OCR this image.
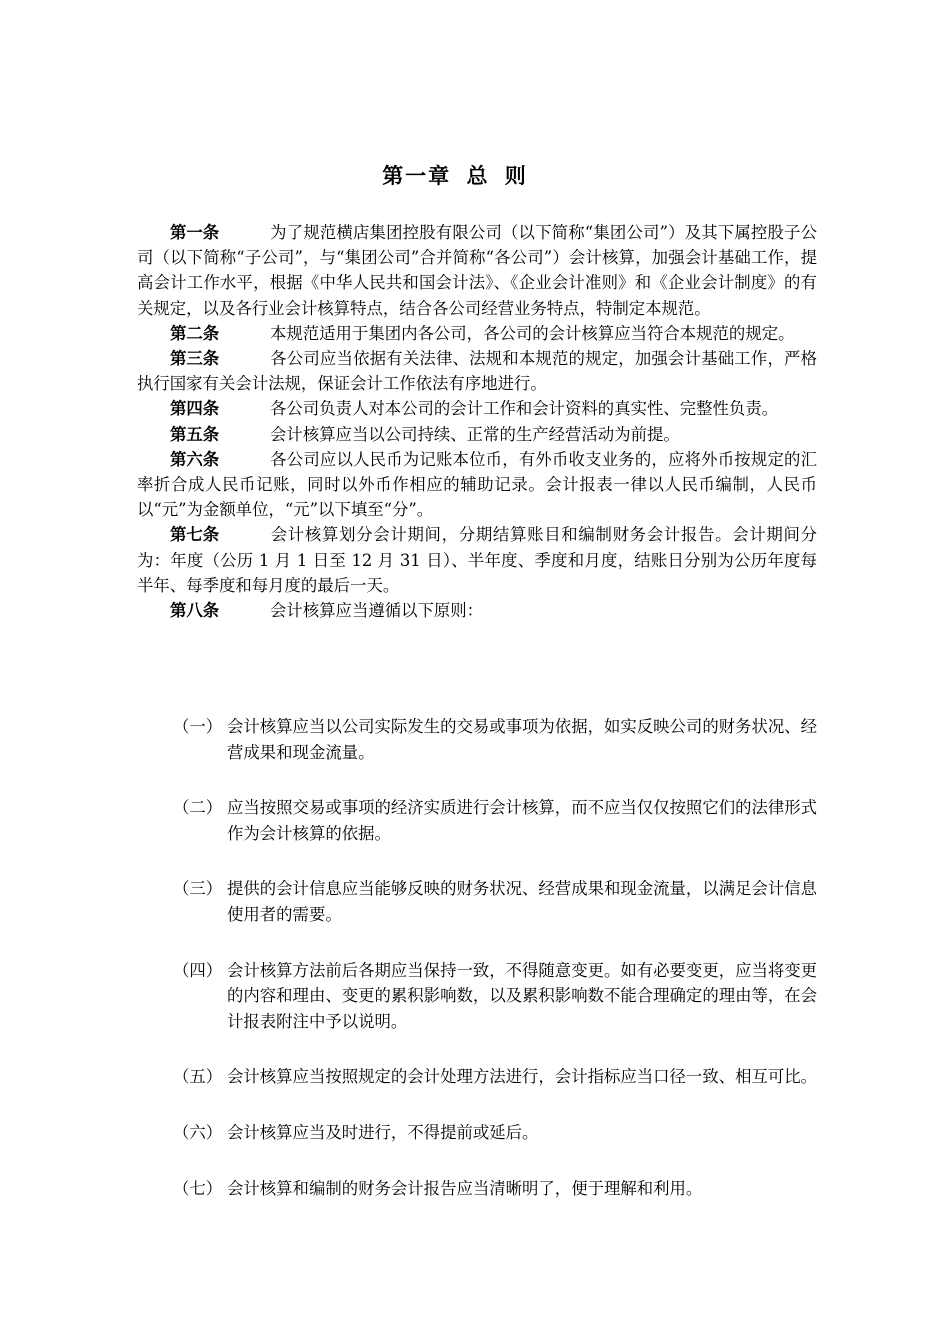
第一章 总 则

第一条	为了规范横店集团控股有限公司（以下简称“集团公司”）及其下属控股子公司（以下简称“子公司”，与“集团公司”合并简称“各公司”）会计核算，加强会计基础工作，提高会计工作水平，根据《中华人民共和国会计法》、《企业会计准则》和《企业会计制度》的有关规定，以及各行业会计核算特点，结合各公司经营业务特点，特制定本规范。

第二条	本规范适用于集团内各公司，各公司的会计核算应当符合本规范的规定。

第三条	各公司应当依据有关法律、法规和本规范的规定，加强会计基础工作，严格执行国家有关会计法规，保证会计工作依法有序地进行。

第四条	各公司负责人对本公司的会计工作和会计资料的真实性、完整性负责。

第五条	会计核算应当以公司持续、正常的生产经营活动为前提。

第六条	各公司应以人民币为记账本位币，有外币收支业务的，应将外币按规定的汇率折合成人民币记账，同时以外币作相应的辅助记录。会计报表一律以人民币编制，人民币以“元”为金额单位，“元”以下填至“分”。

第七条	会计核算划分会计期间，分期结算账目和编制财务会计报告。会计期间分为：年度（公历 1 月 1 日至 12 月 31 日）、半年度、季度和月度，结账日分别为公历年度每半年、每季度和每月度的最后一天。

第八条	会计核算应当遵循以下原则：

（一） 会计核算应当以公司实际发生的交易或事项为依据，如实反映公司的财务状况、经营成果和现金流量。
（二） 应当按照交易或事项的经济实质进行会计核算，而不应当仅仅按照它们的法律形式作为会计核算的依据。
（三） 提供的会计信息应当能够反映的财务状况、经营成果和现金流量，以满足会计信息使用者的需要。
（四） 会计核算方法前后各期应当保持一致，不得随意变更。如有必要变更，应当将变更的内容和理由、变更的累积影响数，以及累积影响数不能合理确定的理由等，在会计报表附注中予以说明。
（五） 会计核算应当按照规定的会计处理方法进行，会计指标应当口径一致、相互可比。
（六） 会计核算应当及时进行，不得提前或延后。
（七） 会计核算和编制的财务会计报告应当清晰明了，便于理解和利用。
